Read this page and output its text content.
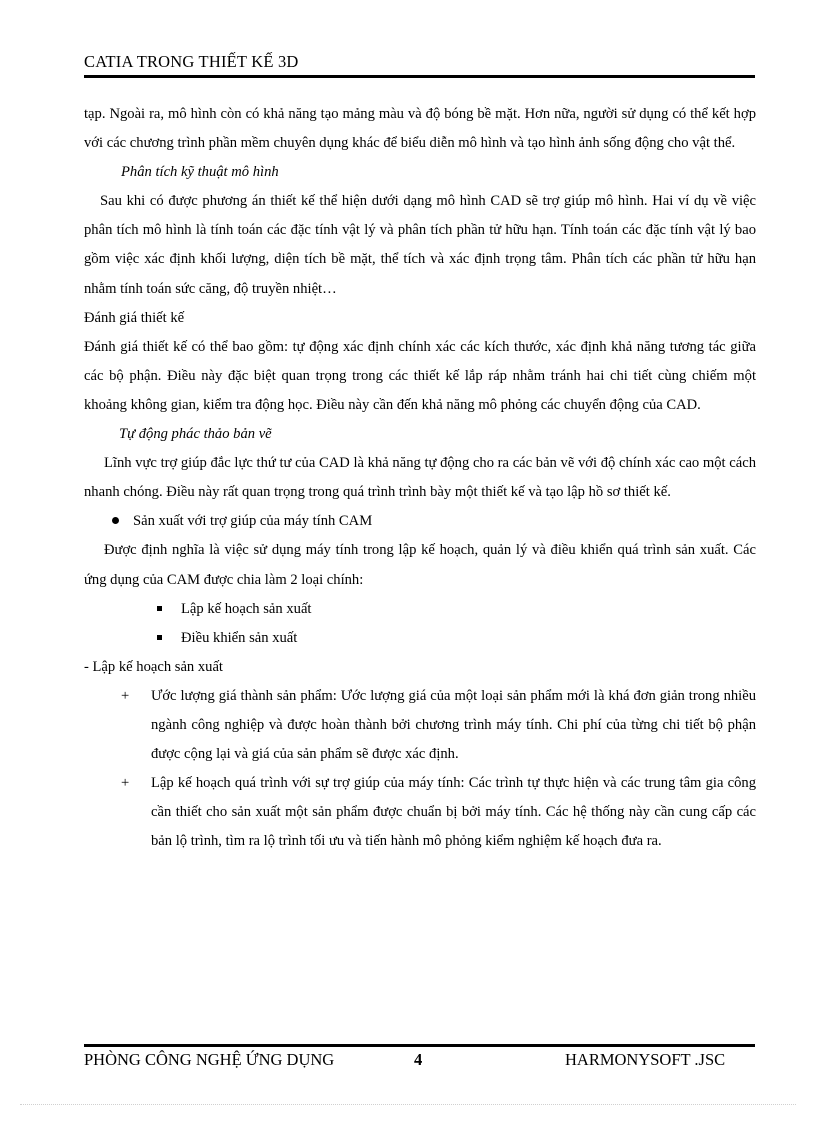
CATIA TRONG THIẾT KẾ 3D

tạp. Ngoài ra, mô hình còn có khả năng tạo mảng màu và độ bóng bề mặt. Hơn nữa, người sử dụng có thể kết hợp với các chương trình phần mềm chuyên dụng khác để biểu diễn mô hình và tạo hình ảnh sống động cho vật thể.

Phân tích kỹ thuật mô hình

Sau khi có được phương án thiết kế thể hiện dưới dạng mô hình CAD sẽ trợ giúp mô hình. Hai ví dụ về việc phân tích mô hình là tính toán các đặc tính vật lý và phân tích phần tử hữu hạn. Tính toán các đặc tính vật lý bao gồm việc xác định khối lượng, diện tích bề mặt, thể tích và xác định trọng tâm. Phân tích các phần tử hữu hạn nhằm tính toán sức căng, độ truyền nhiệt…

Đánh giá thiết kế

Đánh giá thiết kế có thể bao gồm: tự động xác định chính xác các kích thước, xác định khả năng tương tác giữa các bộ phận. Điều này đặc biệt quan trọng trong các thiết kế lắp ráp nhằm tránh hai chi tiết cùng chiếm một khoảng không gian, kiểm tra động học. Điều này cần đến khả năng mô phỏng các chuyển động của CAD.

Tự động phác thảo bản vẽ

Lĩnh vực trợ giúp đắc lực thứ tư của CAD là khả năng tự động cho ra các bản vẽ với độ chính xác cao một cách nhanh chóng. Điều này rất quan trọng trong quá trình trình bày một thiết kế và tạo lập hồ sơ thiết kế.

Sản xuất với trợ giúp của máy tính CAM

Được định nghĩa là việc sử dụng máy tính trong lập kế hoạch, quản lý và điều khiển quá trình sản xuất. Các ứng dụng của CAM được chia làm 2 loại chính:

Lập kế hoạch sản xuất

Điều khiển sản xuất

- Lập kế hoạch sản xuất

+ Ước lượng giá thành sản phẩm: Ước lượng giá của một loại sản phẩm mới là khá đơn giản trong nhiều ngành công nghiệp và được hoàn thành bởi chương trình máy tính. Chi phí của từng chi tiết bộ phận được cộng lại và giá của sản phẩm sẽ được xác định.

+ Lập kế hoạch quá trình với sự trợ giúp của máy tính: Các trình tự thực hiện và các trung tâm gia công cần thiết cho sản xuất một sản phẩm được chuẩn bị bởi máy tính. Các hệ thống này cần cung cấp các bản lộ trình, tìm ra lộ trình tối ưu và tiến hành mô phỏng kiểm nghiệm kế hoạch đưa ra.

PHÒNG CÔNG NGHỆ ỨNG DỤNG	4	HARMONYSOFT .JSC
